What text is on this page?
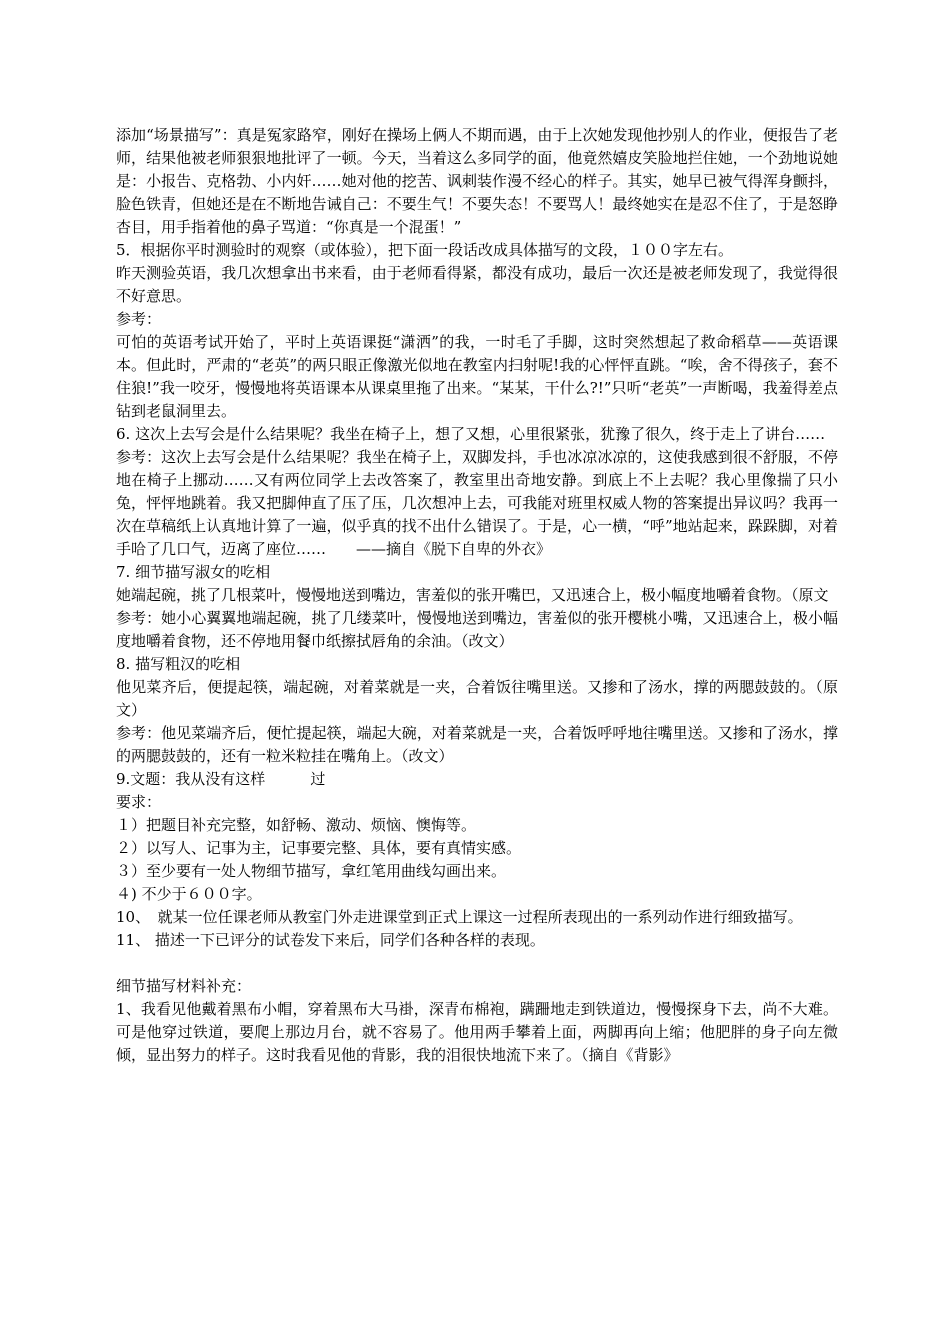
添加“场景描写”：真是冤家路窄，刚好在操场上俩人不期而遇，由于上次她发现他抄别人的作业，便报告了老师，结果他被老师狠狠地批评了一顿。今天，当着这么多同学的面，他竟然嬉皮笑脸地拦住她，一个劲地说她是：小报告、克格勃、小内奸……她对他的挖苦、讽刺装作漫不经心的样子。其实，她早已被气得浑身颤抖，脸色铁青，但她还是在不断地告诫自己：不要生气！不要失态！不要骂人！最终她实在是忍不住了，于是怒睁杏目，用手指着他的鼻子骂道：“你真是一个混蛋！”

5．根据你平时测验时的观察（或体验），把下面一段话改成具体描写的文段，１００字左右。

昨天测验英语，我几次想拿出书来看，由于老师看得紧，都没有成功，最后一次还是被老师发现了，我觉得很不好意思。

参考：

可怕的英语考试开始了，平时上英语课挺“潇洒”的我，一时毛了手脚，这时突然想起了救命稻草——英语课本。但此时，严肃的“老英”的两只眼正像激光似地在教室内扫射呢!我的心怦怦直跳。“唉，舍不得孩子，套不住狼!”我一咬牙，慢慢地将英语课本从课桌里拖了出来。“某某，干什么?!”只听“老英”一声断喝，我羞得差点钻到老鼠洞里去。

6. 这次上去写会是什么结果呢？我坐在椅子上，想了又想，心里很紧张，犹豫了很久，终于走上了讲台……

参考：这次上去写会是什么结果呢？我坐在椅子上，双脚发抖，手也冰凉冰凉的，这使我感到很不舒服，不停地在椅子上挪动……又有两位同学上去改答案了，教室里出奇地安静。到底上不上去呢？我心里像揣了只小兔，怦怦地跳着。我又把脚伸直了压了压，几次想冲上去，可我能对班里权威人物的答案提出异议吗？我再一次在草稿纸上认真地计算了一遍，似乎真的找不出什么错误了。于是，心一横，“呼”地站起来，跺跺脚，对着手哈了几口气，迈离了座位……　　——摘自《脱下自卑的外衣》

7. 细节描写淑女的吃相

她端起碗，挑了几根菜叶，慢慢地送到嘴边，害羞似的张开嘴巴，又迅速合上，极小幅度地嚼着食物。（原文

参考：她小心翼翼地端起碗，挑了几缕菜叶，慢慢地送到嘴边，害羞似的张开樱桃小嘴，又迅速合上，极小幅度地嚼着食物，还不停地用餐巾纸擦拭唇角的余油。（改文）

8. 描写粗汉的吃相

他见菜齐后，便提起筷，端起碗，对着菜就是一夹，合着饭往嘴里送。又掺和了汤水，撑的两腮鼓鼓的。（原文）

参考：他见菜端齐后，便忙提起筷，端起大碗，对着菜就是一夹，合着饭呼呼地往嘴里送。又掺和了汤水，撑的两腮鼓鼓的，还有一粒米粒挂在嘴角上。（改文）

9.文题：我从没有这样　　　过

要求：

１）把题目补充完整，如舒畅、激动、烦恼、懊悔等。

２）以写人、记事为主，记事要完整、具体，要有真情实感。

３）至少要有一处人物细节描写，拿红笔用曲线勾画出来。

４) 不少于６００字。

10、　就某一位任课老师从教室门外走进课堂到正式上课这一过程所表现出的一系列动作进行细致描写。

11、 描述一下已评分的试卷发下来后，同学们各种各样的表现。

细节描写材料补充：

1、我看见他戴着黑布小帽，穿着黑布大马褂，深青布棉袍，蹒跚地走到铁道边，慢慢探身下去，尚不大难。可是他穿过铁道，要爬上那边月台，就不容易了。他用两手攀着上面，两脚再向上缩；他肥胖的身子向左微倾，显出努力的样子。这时我看见他的背影，我的泪很快地流下来了。（摘自《背影》
